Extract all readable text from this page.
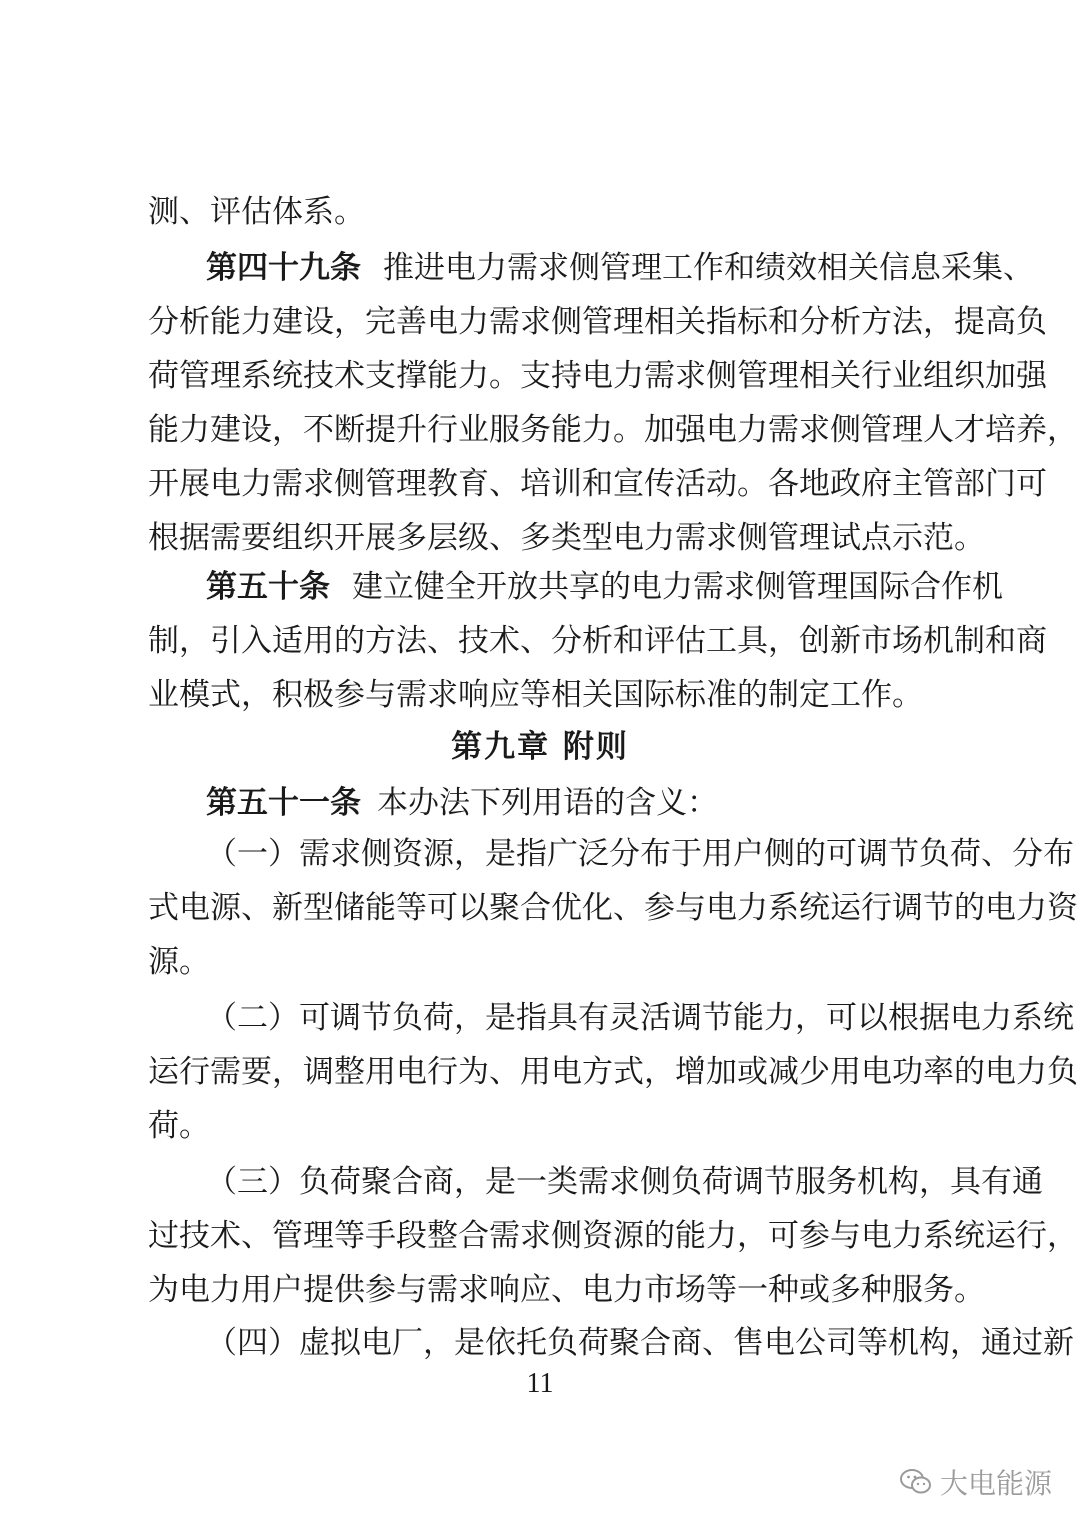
测、评估体系。
第四十九条 推进电力需求侧管理工作和绩效相关信息采集、
分析能力建设，完善电力需求侧管理相关指标和分析方法，提高负
荷管理系统技术支撑能力。支持电力需求侧管理相关行业组织加强
能力建设，不断提升行业服务能力。加强电力需求侧管理人才培养，
开展电力需求侧管理教育、培训和宣传活动。各地政府主管部门可
根据需要组织开展多层级、多类型电力需求侧管理试点示范。
第五十条 建立健全开放共享的电力需求侧管理国际合作机
制，引入适用的方法、技术、分析和评估工具，创新市场机制和商
业模式，积极参与需求响应等相关国际标准的制定工作。
第九章 附则
第五十一条 本办法下列用语的含义：
（一）需求侧资源，是指广泛分布于用户侧的可调节负荷、分布
式电源、新型储能等可以聚合优化、参与电力系统运行调节的电力资
源。
（二）可调节负荷，是指具有灵活调节能力，可以根据电力系统
运行需要，调整用电行为、用电方式，增加或减少用电功率的电力负
荷。
（三）负荷聚合商，是一类需求侧负荷调节服务机构，具有通
过技术、管理等手段整合需求侧资源的能力，可参与电力系统运行，
为电力用户提供参与需求响应、电力市场等一种或多种服务。
（四）虚拟电厂，是依托负荷聚合商、售电公司等机构，通过新
11
大电能源
